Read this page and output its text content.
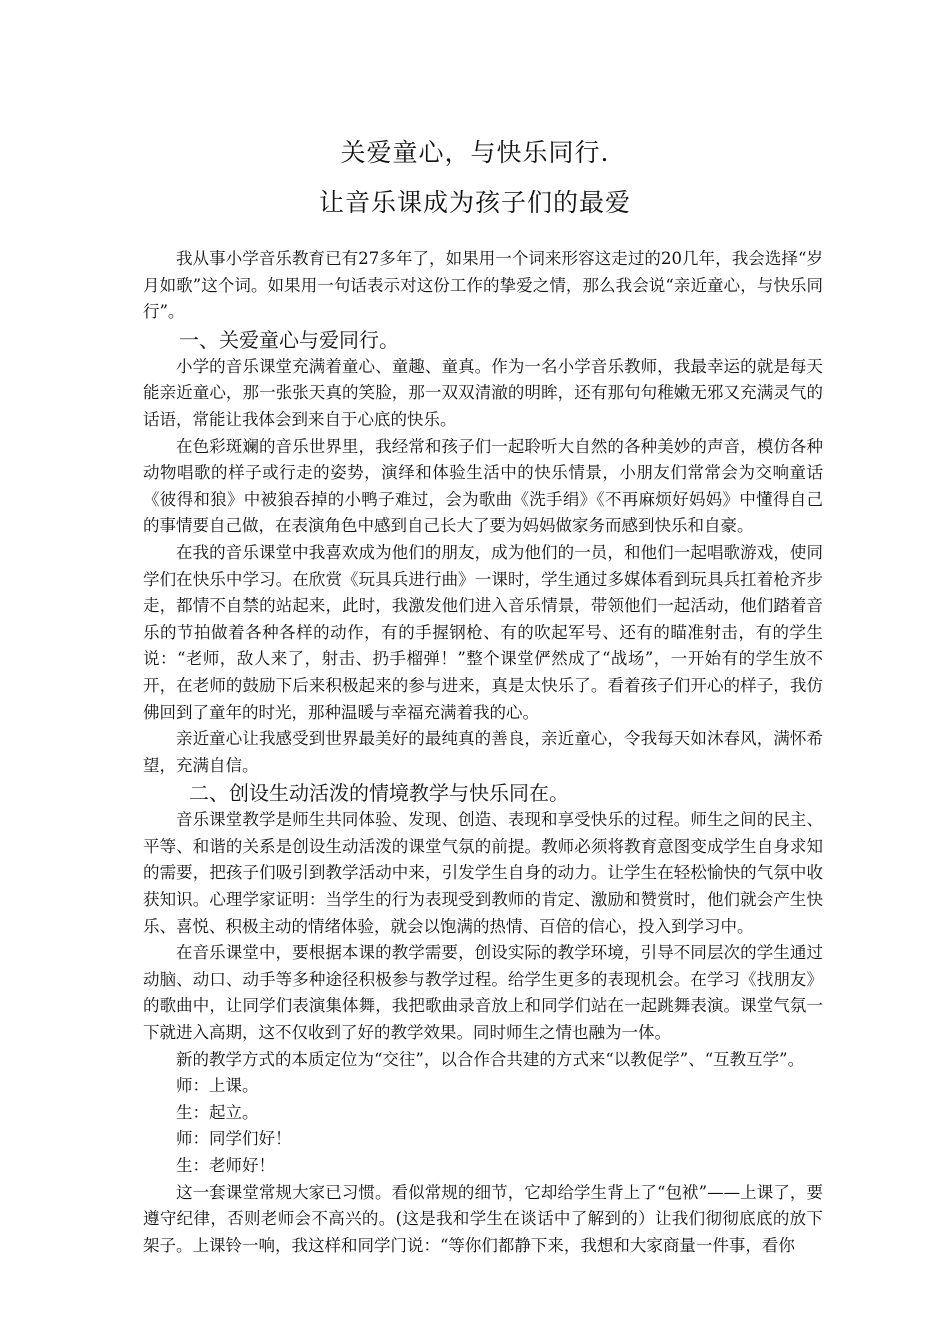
关爱童心，与快乐同行.
让音乐课成为孩子们的最爱

我从事小学音乐教育已有27多年了，如果用一个词来形容这走过的20几年，我会选择“岁月如歌”这个词。如果用一句话表示对这份工作的挚爱之情，那么我会说“亲近童心，与快乐同行”。

一、关爱童心与爱同行。

小学的音乐课堂充满着童心、童趣、童真。作为一名小学音乐教师，我最幸运的就是每天能亲近童心，那一张张天真的笑脸，那一双双清澈的明眸，还有那句句稚嫩无邪又充满灵气的话语，常能让我体会到来自于心底的快乐。

在色彩斑斓的音乐世界里，我经常和孩子们一起聆听大自然的各种美妙的声音，模仿各种动物唱歌的样子或行走的姿势，演绎和体验生活中的快乐情景，小朋友们常常会为交响童话《彼得和狼》中被狼吞掉的小鸭子难过，会为歌曲《洗手绢》《不再麻烦好妈妈》中懂得自己的事情要自己做，在表演角色中感到自己长大了要为妈妈做家务而感到快乐和自豪。

在我的音乐课堂中我喜欢成为他们的朋友，成为他们的一员，和他们一起唱歌游戏，使同学们在快乐中学习。在欣赏《玩具兵进行曲》一课时，学生通过多媒体看到玩具兵扛着枪齐步走，都情不自禁的站起来，此时，我激发他们进入音乐情景，带领他们一起活动，他们踏着音乐的节拍做着各种各样的动作，有的手握钢枪、有的吹起军号、还有的瞄准射击，有的学生说：“老师，敌人来了，射击、扔手榴弹！”整个课堂俨然成了“战场”，一开始有的学生放不开，在老师的鼓励下后来积极起来的参与进来，真是太快乐了。看着孩子们开心的样子，我仿佛回到了童年的时光，那种温暖与幸福充满着我的心。

亲近童心让我感受到世界最美好的最纯真的善良，亲近童心，令我每天如沐春风，满怀希望，充满自信。

二、创设生动活泼的情境教学与快乐同在。

音乐课堂教学是师生共同体验、发现、创造、表现和享受快乐的过程。师生之间的民主、平等、和谐的关系是创设生动活泼的课堂气氛的前提。教师必须将教育意图变成学生自身求知的需要，把孩子们吸引到教学活动中来，引发学生自身的动力。让学生在轻松愉快的气氛中收获知识。心理学家证明：当学生的行为表现受到教师的肯定、激励和赞赏时，他们就会产生快乐、喜悦、积极主动的情绪体验，就会以饱满的热情、百倍的信心，投入到学习中。

在音乐课堂中，要根据本课的教学需要，创设实际的教学环境，引导不同层次的学生通过动脑、动口、动手等多种途径积极参与教学过程。给学生更多的表现机会。在学习《找朋友》的歌曲中，让同学们表演集体舞，我把歌曲录音放上和同学们站在一起跳舞表演。课堂气氛一下就进入高期，这不仅收到了好的教学效果。同时师生之情也融为一体。

新的教学方式的本质定位为“交往”，以合作合共建的方式来“以教促学”、“互教互学”。

师：上课。

生：起立。

师：同学们好！

生：老师好！

这一套课堂常规大家已习惯。看似常规的细节，它却给学生背上了“包袱”——上课了，要遵守纪律，否则老师会不高兴的。(这是我和学生在谈话中了解到的）让我们彻彻底底的放下架子。上课铃一响，我这样和同学门说：“等你们都静下来，我想和大家商量一件事，看你
